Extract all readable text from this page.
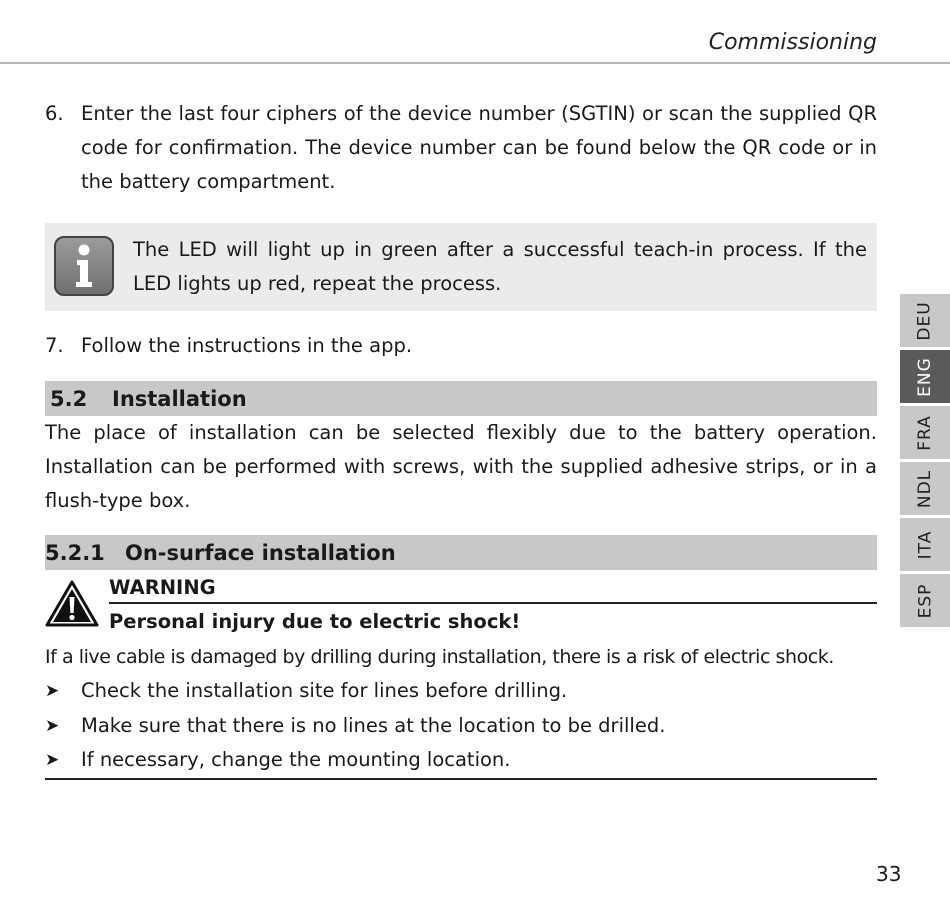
Commissioning
6. Enter the last four ciphers of the device number (SGTIN) or scan the supplied QR code for confirmation. The device number can be found below the QR code or in the battery compartment.
The LED will light up in green after a successful teach-in process. If the LED lights up red, repeat the process.
7. Follow the instructions in the app.
5.2	Installation

The place of installation can be selected flexibly due to the battery operation. Installation can be performed with screws, with the supplied adhesive strips, or in a flush-type box.

5.2.1 On-surface installation
WARNING
Personal injury due to electric shock!
If a live cable is damaged by drilling during installation, there is a risk of electric shock.
➤	Check the installation site for lines before drilling.
➤	Make sure that there is no lines at the location to be drilled.
➤	If necessary, change the mounting location.
DEU
ENG
FRA
NDL
ITA
ESP
33
